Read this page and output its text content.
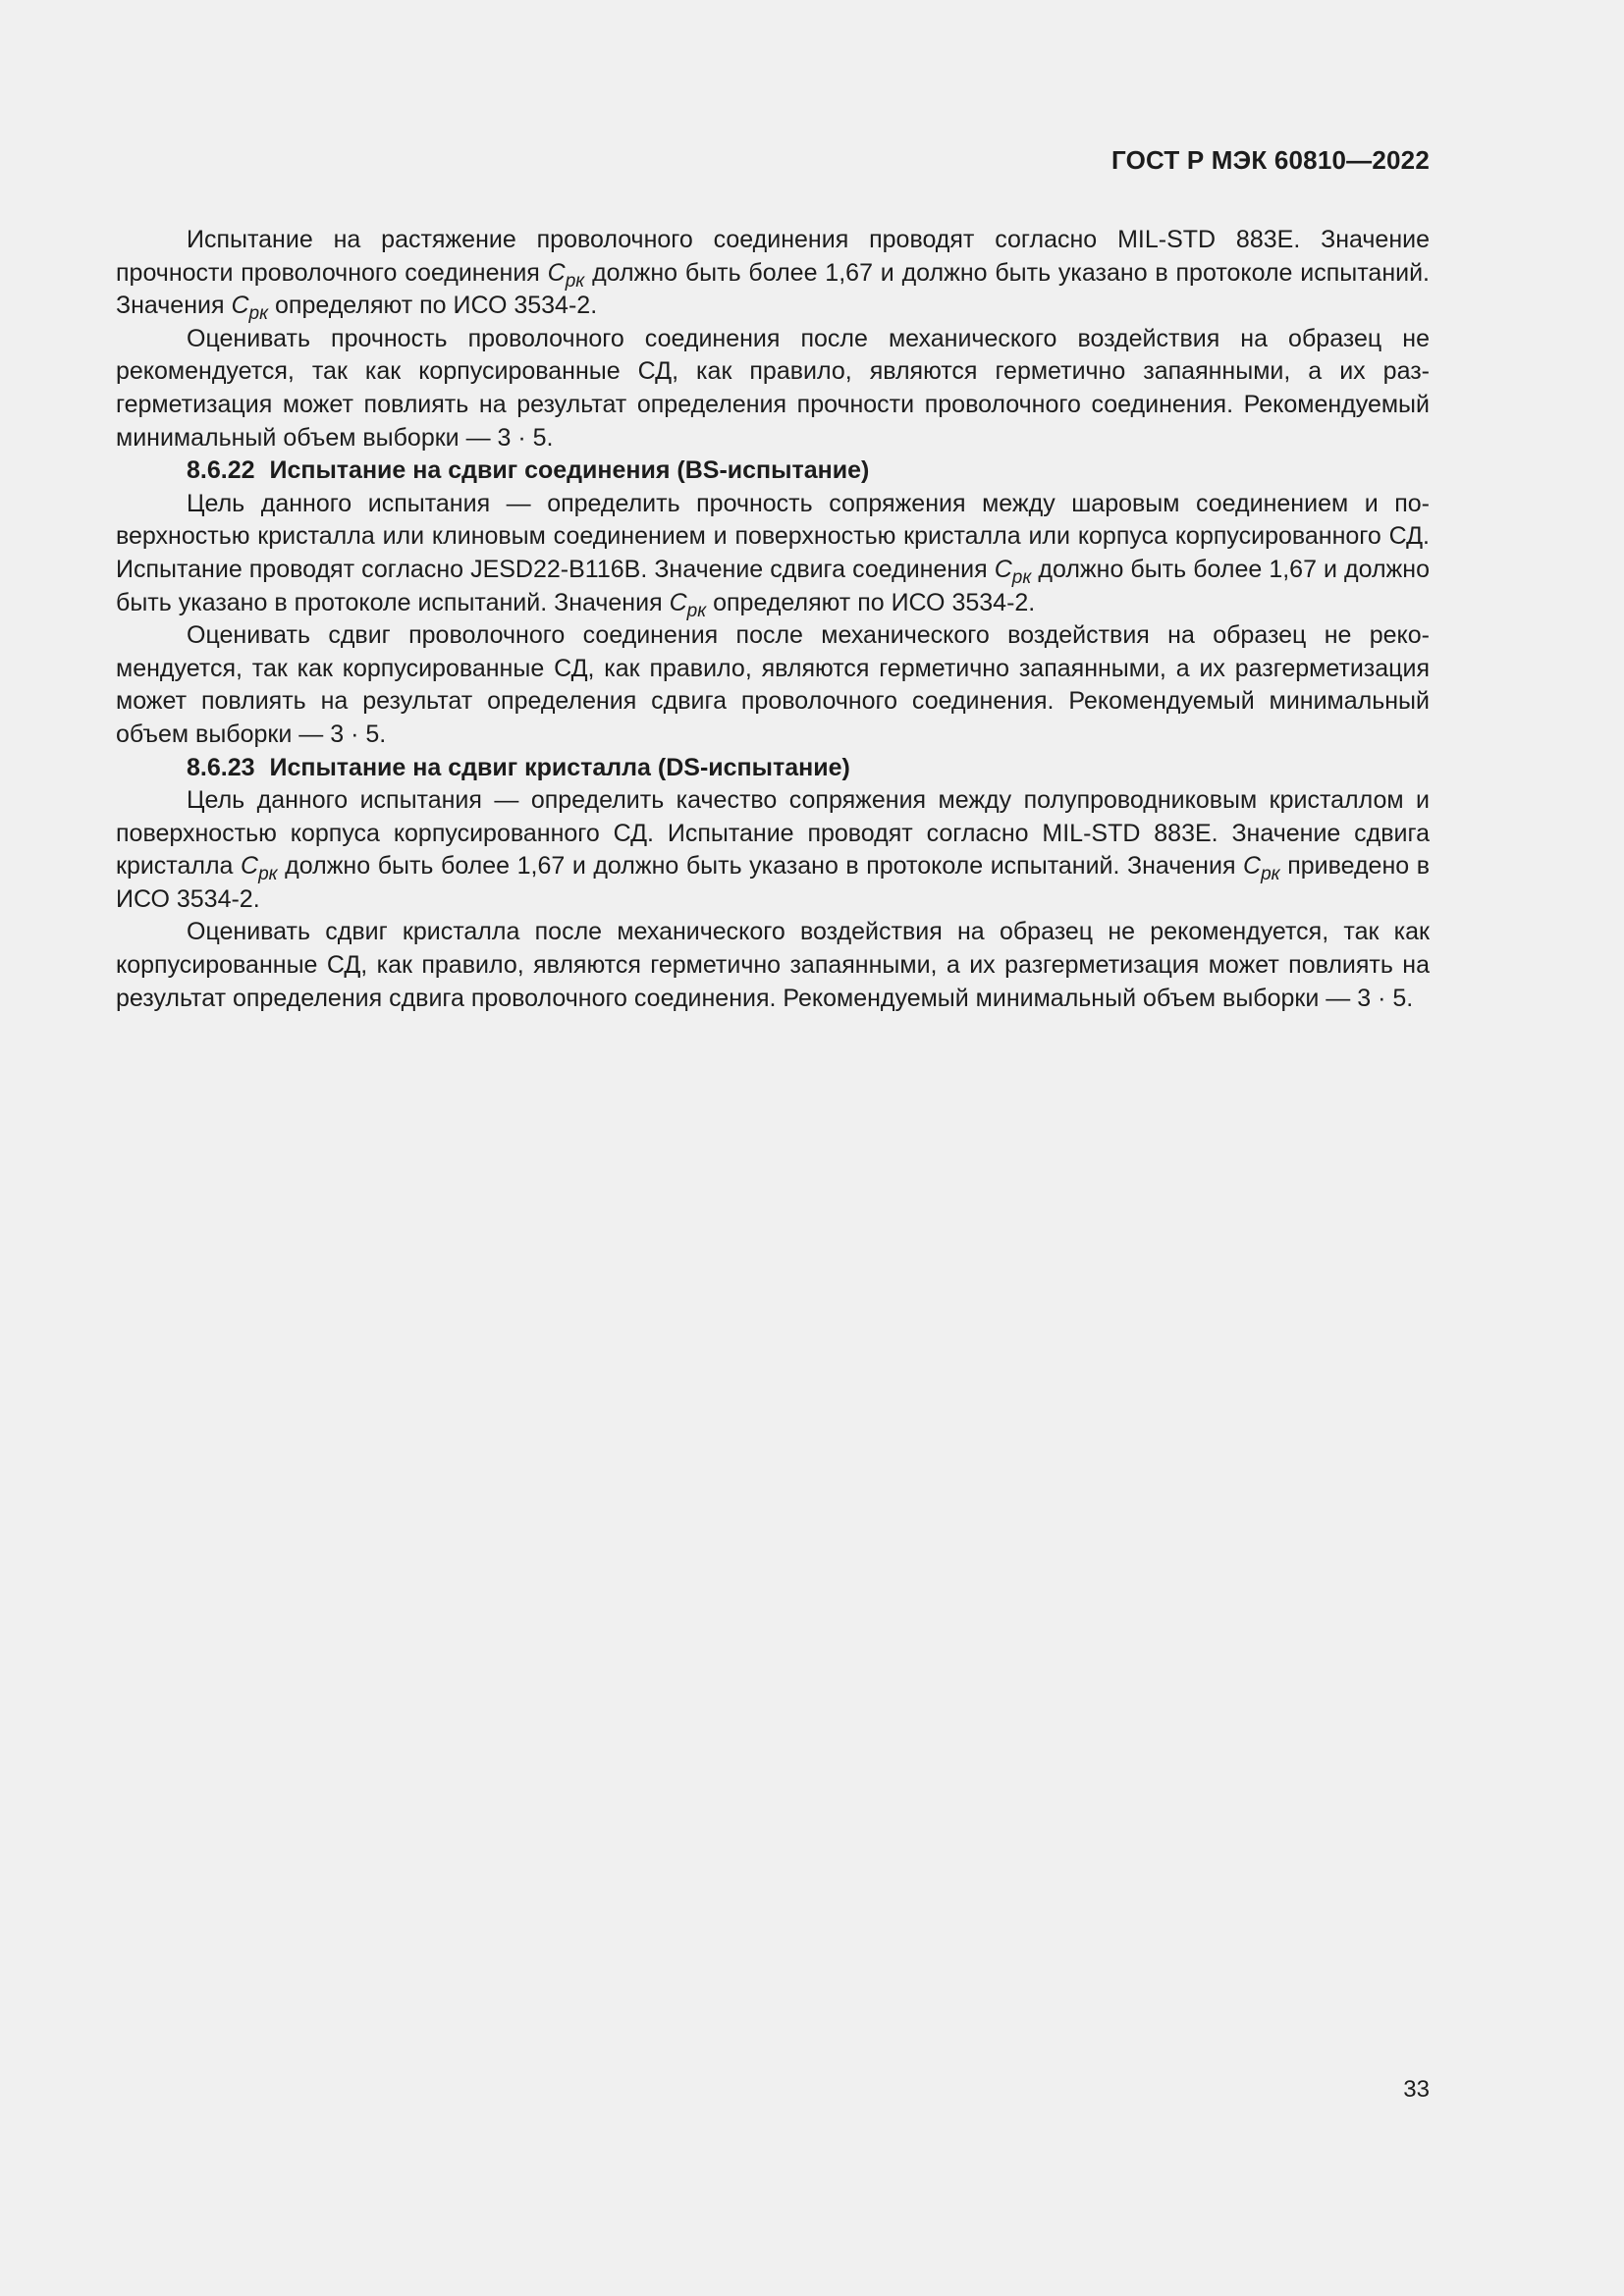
ГОСТ Р МЭК 60810—2022

Испытание на растяжение проволочного соединения проводят согласно MIL-STD 883E. Значение прочности проволочного соединения $C_{pк}$ должно быть более 1,67 и должно быть указано в протоколе испытаний. Значения $C_{pк}$ определяют по ИСО 3534-2.

Оценивать прочность проволочного соединения после механического воздействия на образец не рекомендуется, так как корпусированные СД, как правило, являются герметично запаянными, а их разгерметизация может повлиять на результат определения прочности проволочного соединения. Рекомендуемый минимальный объем выборки — 3 · 5.

8.6.22 Испытание на сдвиг соединения (BS-испытание)

Цель данного испытания — определить прочность сопряжения между шаровым соединением и поверхностью кристалла или клиновым соединением и поверхностью кристалла или корпуса корпусированного СД. Испытание проводят согласно JESD22-B116B. Значение сдвига соединения $C_{pк}$ должно быть более 1,67 и должно быть указано в протоколе испытаний. Значения $C_{pк}$ определяют по ИСО 3534-2.

Оценивать сдвиг проволочного соединения после механического воздействия на образец не рекомендуется, так как корпусированные СД, как правило, являются герметично запаянными, а их разгерметизация может повлиять на результат определения сдвига проволочного соединения. Рекомендуемый минимальный объем выборки — 3 · 5.

8.6.23 Испытание на сдвиг кристалла (DS-испытание)

Цель данного испытания — определить качество сопряжения между полупроводниковым кристаллом и поверхностью корпуса корпусированного СД. Испытание проводят согласно MIL-STD 883E. Значение сдвига кристалла $C_{pк}$ должно быть более 1,67 и должно быть указано в протоколе испытаний. Значения $C_{pк}$ приведено в ИСО 3534-2.

Оценивать сдвиг кристалла после механического воздействия на образец не рекомендуется, так как корпусированные СД, как правило, являются герметично запаянными, а их разгерметизация может повлиять на результат определения сдвига проволочного соединения. Рекомендуемый минимальный объем выборки — 3 · 5.

33
